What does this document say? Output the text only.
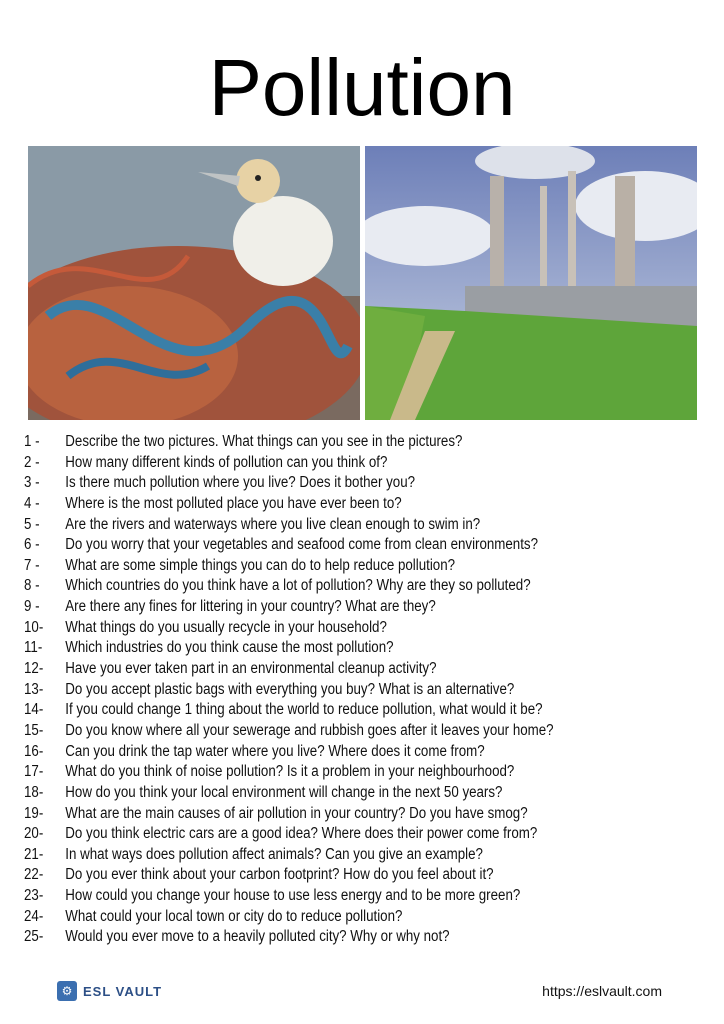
Pollution
1 - Describe the two pictures. What things can you see in the pictures?
2 - How many different kinds of pollution can you think of?
3 - Is there much pollution where you live? Does it bother you?
4 - Where is the most polluted place you have ever been to?
5 - Are the rivers and waterways where you live clean enough to swim in?
6 - Do you worry that your vegetables and seafood come from clean environments?
7 - What are some simple things you can do to help reduce pollution?
8 - Which countries do you think have a lot of pollution? Why are they so polluted?
9 - Are there any fines for littering in your country? What are they?
10- What things do you usually recycle in your household?
11- Which industries do you think cause the most pollution?
12- Have you ever taken part in an environmental cleanup activity?
13- Do you accept plastic bags with everything you buy? What is an alternative?
14- If you could change 1 thing about the world to reduce pollution, what would it be?
15- Do you know where all your sewerage and rubbish goes after it leaves your home?
16- Can you drink the tap water where you live? Where does it come from?
17- What do you think of noise pollution? Is it a problem in your neighbourhood?
18- How do you think your local environment will change in the next 50 years?
19- What are the main causes of air pollution in your country? Do you have smog?
20- Do you think electric cars are a good idea? Where does their power come from?
21- In what ways does pollution affect animals? Can you give an example?
22- Do you ever think about your carbon footprint? How do you feel about it?
23- How could you change your house to use less energy and to be more green?
24- What could your local town or city do to reduce pollution?
25- Would you ever move to a heavily polluted city? Why or why not?
⚙ ESL VAULT	https://eslvault.com
